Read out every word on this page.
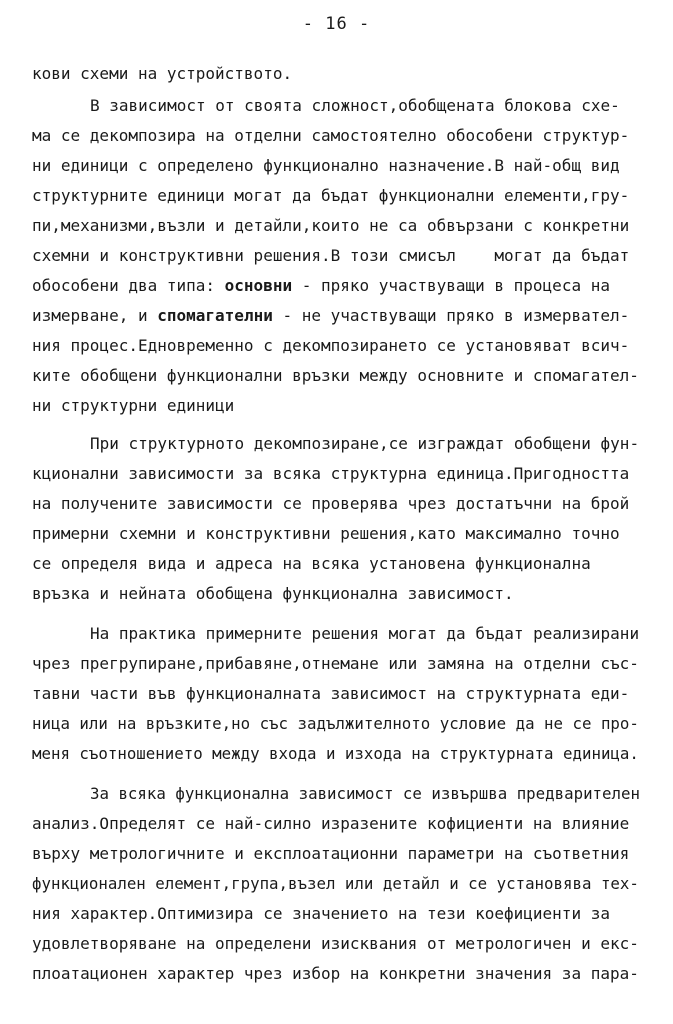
- 16 -
кови схеми на устройството.
В зависимост от своята сложност,обобщената блокова схе-
ма се декомпозира на отделни самостоятелно обособени структур-
ни единици с определено функционално назначение.В най-общ вид
структурните единици могат да бъдат функционални елементи,гру-
пи,механизми,възли и детайли,които не са обвързани с конкретни
схемни и конструктивни решения.В този смисъл    могат да бъдат
обособени два типа: основни - пряко участвуващи в процеса на
измерване, и спомагателни - не участвуващи пряко в измервател-
ния процес.Едновременно с декомпозирането се установяват всич-
ките обобщени функционални връзки между основните и спомагател-
ни структурни единици
При структурното декомпозиране,се изграждат обобщени фун-
кционални зависимости за всяка структурна единица.Пригодността
на получените зависимости се проверява чрез достатъчни на брой
примерни схемни и конструктивни решения,като максимално точно
се определя вида и адреса на всяка установена функционална
връзка и нейната обобщена функционална зависимост.
На практика примерните решения могат да бъдат реализирани
чрез прегрупиране,прибавяне,отнемане или замяна на отделни със-
тавни части във функционалната зависимост на структурната еди-
ница или на връзките,но със задължителното условие да не се про-
меня съотношението между входа и изхода на структурната единица.
За всяка функционална зависимост се извършва предварителен
анализ.Определят се най-силно изразените кофициенти на влияние
върху метрологичните и експлоатационни параметри на съответния
функционален елемент,група,възел или детайл и се установява тех-
ния характер.Оптимизира се значението на тези коефициенти за
удовлетворяване на определени изисквания от метрологичен и екс-
плоатационен характер чрез избор на конкретни значения за пара-
